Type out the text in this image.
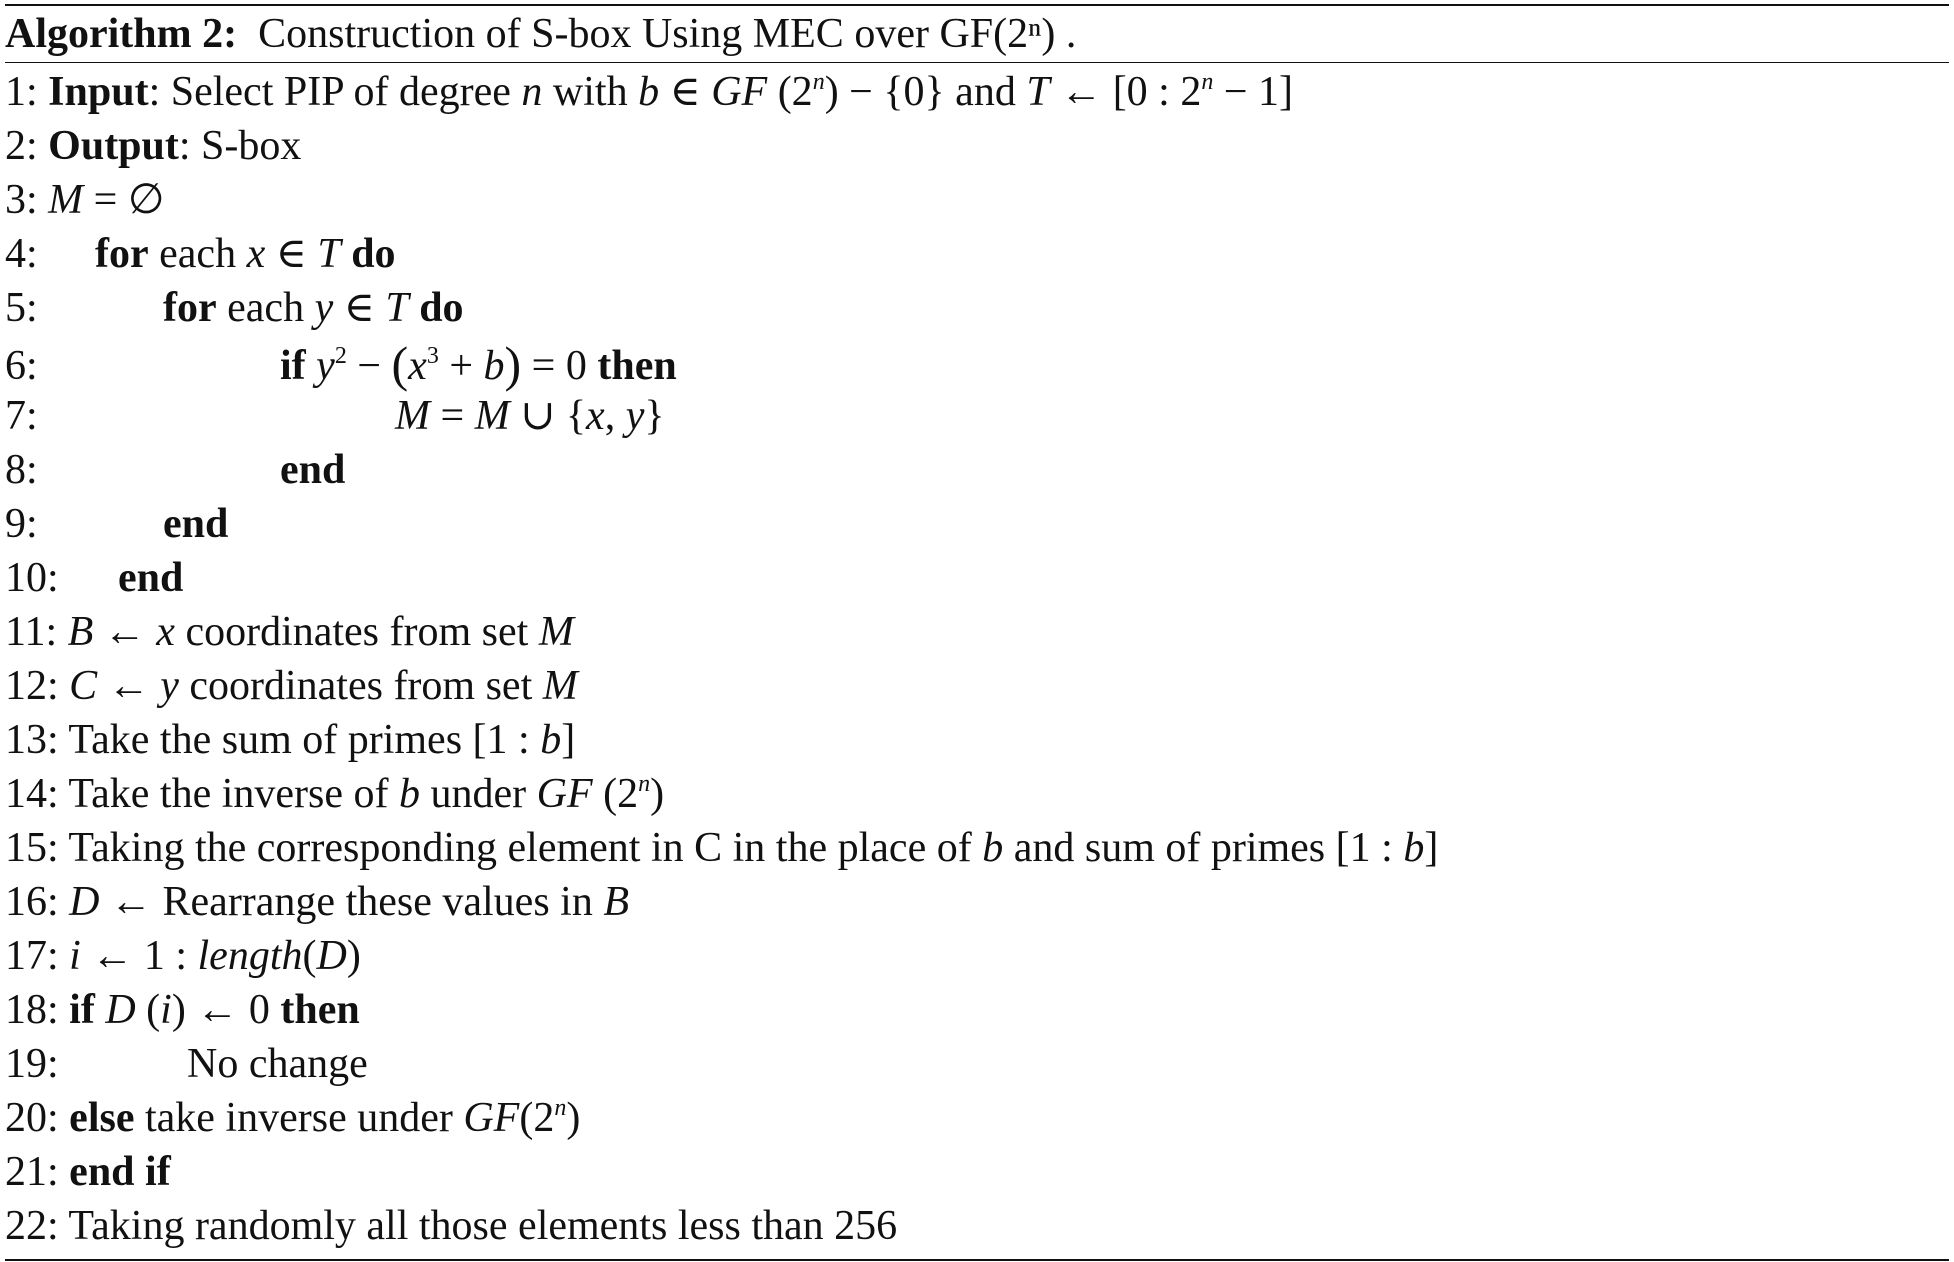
Algorithm 2: Construction of S-box Using MEC over GF(2ⁿ) .
1: Input: Select PIP of degree n with b ∈ GF $(2^n) - \{0\}$ and T ← [0 : $2^n - 1$]
2: Output: S-box
3: M = ∅
4: for each x ∈ T do
5:	for each y ∈ T do
6:	if $y^2 - (x^3 + b) = 0$ then
7:	M = M ∪ {x, y}
8:	end
9:	end
10: end
11: B ← x coordinates from set M
12: C ← y coordinates from set M
13: Take the sum of primes [1 : b]
14: Take the inverse of b under GF (2$^n$)
15: Taking the corresponding element in C in the place of b and sum of primes [1 : b]
16: D ← Rearrange these values in B
17: i ← 1 : length(D)
18: if D (i) ← 0 then
19:	No change
20: else take inverse under GF(2$^n$)
21: end if
22: Taking randomly all those elements less than 256
